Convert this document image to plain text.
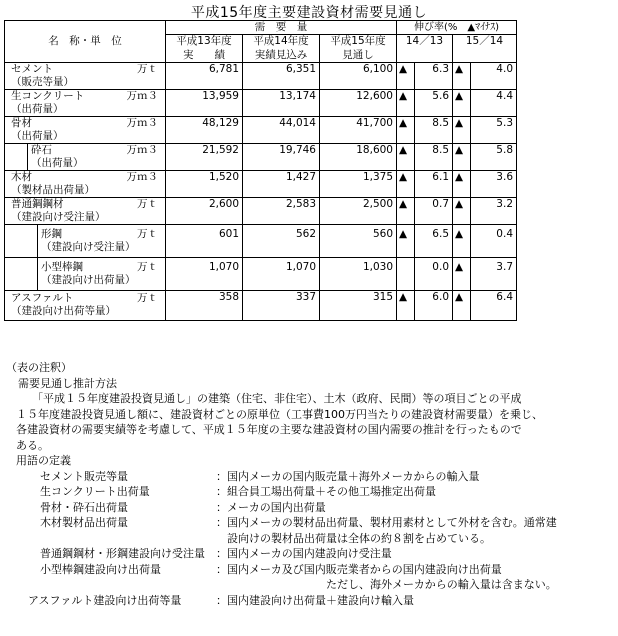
平成15年度主要建設資材需要見通し
名　称・単　位	需　要　量			伸び率(%　▲ﾏｲﾅｽ)			
	平成13年度	平成14年度	平成15年度	14／13		15／14	
	実　　績	実績見込み	見通し				

セメント 万ｔ
（販売等量）	6,781	6,351	6,100	▲	6.3	▲	4.0

生コンクリート 万ｍ３
（出荷量）	13,959	13,174	12,600	▲	5.6	▲	4.4

骨材 万ｍ３
（出荷量）	48,129	44,014	41,700	▲	8.5	▲	5.3

砕石 万ｍ３
（出荷量）	21,592	19,746	18,600	▲	8.5	▲	5.8

木材 万ｍ３
（製材品出荷量）	1,520	1,427	1,375	▲	6.1	▲	3.6

普通鋼鋼材 万ｔ
（建設向け受注量）	2,600	2,583	2,500	▲	0.7	▲	3.2

形鋼 万ｔ
（建設向け受注量）	601	562	560	▲	6.5	▲	0.4

小型棒鋼 万ｔ
（建設向け出荷量）	1,070	1,070	1,030		0.0	▲	3.7

アスファルト 万ｔ
（建設向け出荷等量）	358	337	315	▲	6.0	▲	6.4
（表の注釈）
需要見通し推計方法
「平成１５年度建設投資見通し」の建築（住宅、非住宅）、土木（政府、民間）等の項目ごとの平成
１５年度建設投資見通し額に、建設資材ごとの原単位（工事費100万円当たりの建設資材需要量）を乗じ、
各建設資材の需要実績等を考慮して、平成１５年度の主要な建設資材の国内需要の推計を行ったもので
ある。
用語の定義
セメント販売等量	：国内メーカの国内販売量＋海外メーカからの輸入量
生コンクリート出荷量	：組合員工場出荷量＋その他工場推定出荷量
骨材・砕石出荷量	：メーカの国内出荷量
木材製材品出荷量	：国内メーカの製材品出荷量、製材用素材として外材を含む。通常建
設向けの製材品出荷量は全体の約８割を占めている。
普通鋼鋼材・形鋼建設向け受注量 ：国内メーカの国内建設向け受注量
小型棒鋼建設向け出荷量	：国内メーカ及び国内販売業者からの国内建設向け出荷量
ただし、海外メーカからの輸入量は含まない。
アスファルト建設向け出荷等量	：国内建設向け出荷量＋建設向け輸入量
